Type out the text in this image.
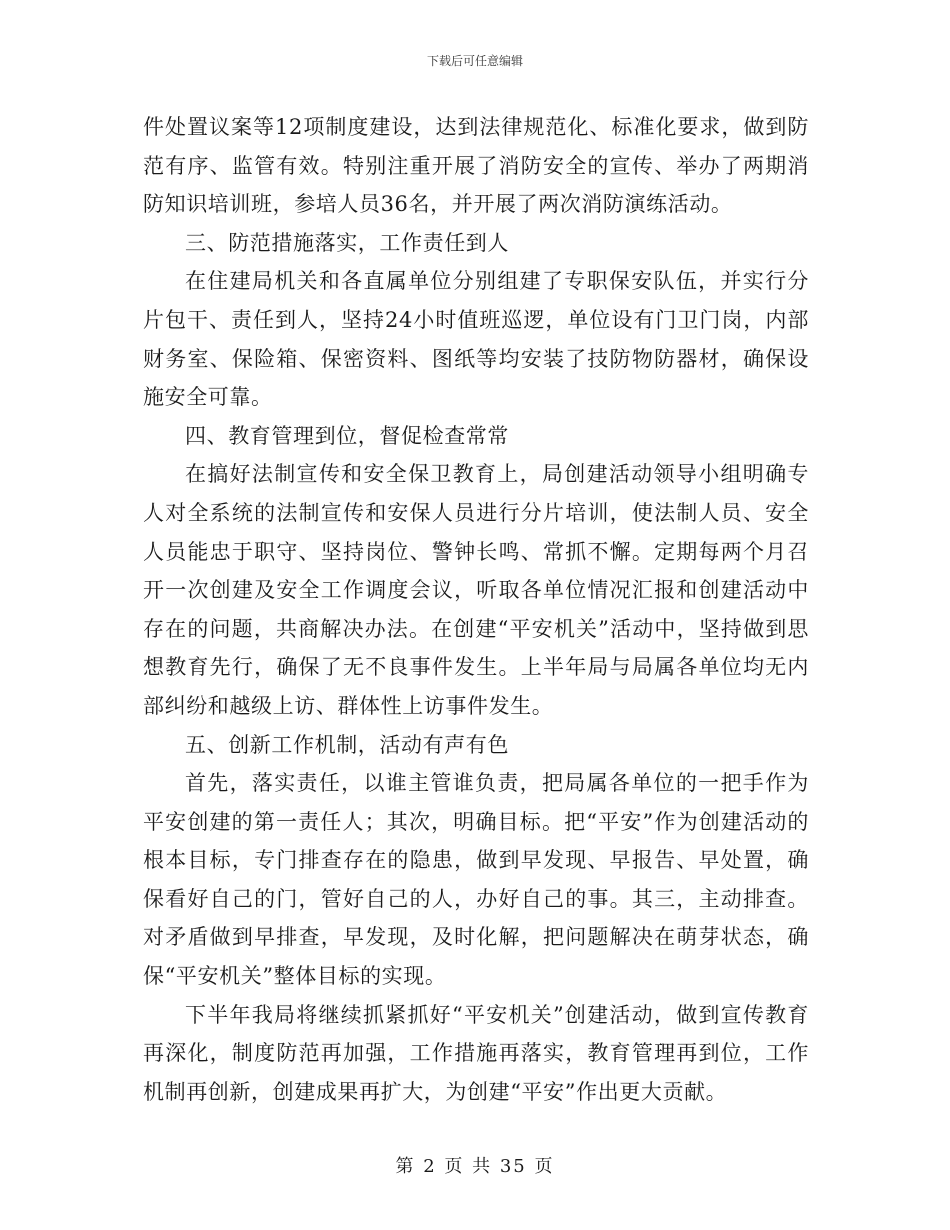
下载后可任意编辑

件处置议案等12项制度建设，达到法律规范化、标准化要求，做到防范有序、监管有效。特别注重开展了消防安全的宣传、举办了两期消防知识培训班，参培人员36名，并开展了两次消防演练活动。

三、防范措施落实，工作责任到人

在住建局机关和各直属单位分别组建了专职保安队伍，并实行分片包干、责任到人，坚持24小时值班巡逻，单位设有门卫门岗，内部财务室、保险箱、保密资料、图纸等均安装了技防物防器材，确保设施安全可靠。

四、教育管理到位，督促检查常常

在搞好法制宣传和安全保卫教育上，局创建活动领导小组明确专人对全系统的法制宣传和安保人员进行分片培训，使法制人员、安全人员能忠于职守、坚持岗位、警钟长鸣、常抓不懈。定期每两个月召开一次创建及安全工作调度会议，听取各单位情况汇报和创建活动中存在的问题，共商解决办法。在创建“平安机关”活动中，坚持做到思想教育先行，确保了无不良事件发生。上半年局与局属各单位均无内部纠纷和越级上访、群体性上访事件发生。

五、创新工作机制，活动有声有色

首先，落实责任，以谁主管谁负责，把局属各单位的一把手作为平安创建的第一责任人；其次，明确目标。把“平安”作为创建活动的根本目标，专门排查存在的隐患，做到早发现、早报告、早处置，确保看好自己的门，管好自己的人，办好自己的事。其三，主动排查。对矛盾做到早排查，早发现，及时化解，把问题解决在萌芽状态，确保“平安机关”整体目标的实现。

下半年我局将继续抓紧抓好“平安机关”创建活动，做到宣传教育再深化，制度防范再加强，工作措施再落实，教育管理再到位，工作机制再创新，创建成果再扩大，为创建“平安”作出更大贡献。

第 2 页 共 35 页
